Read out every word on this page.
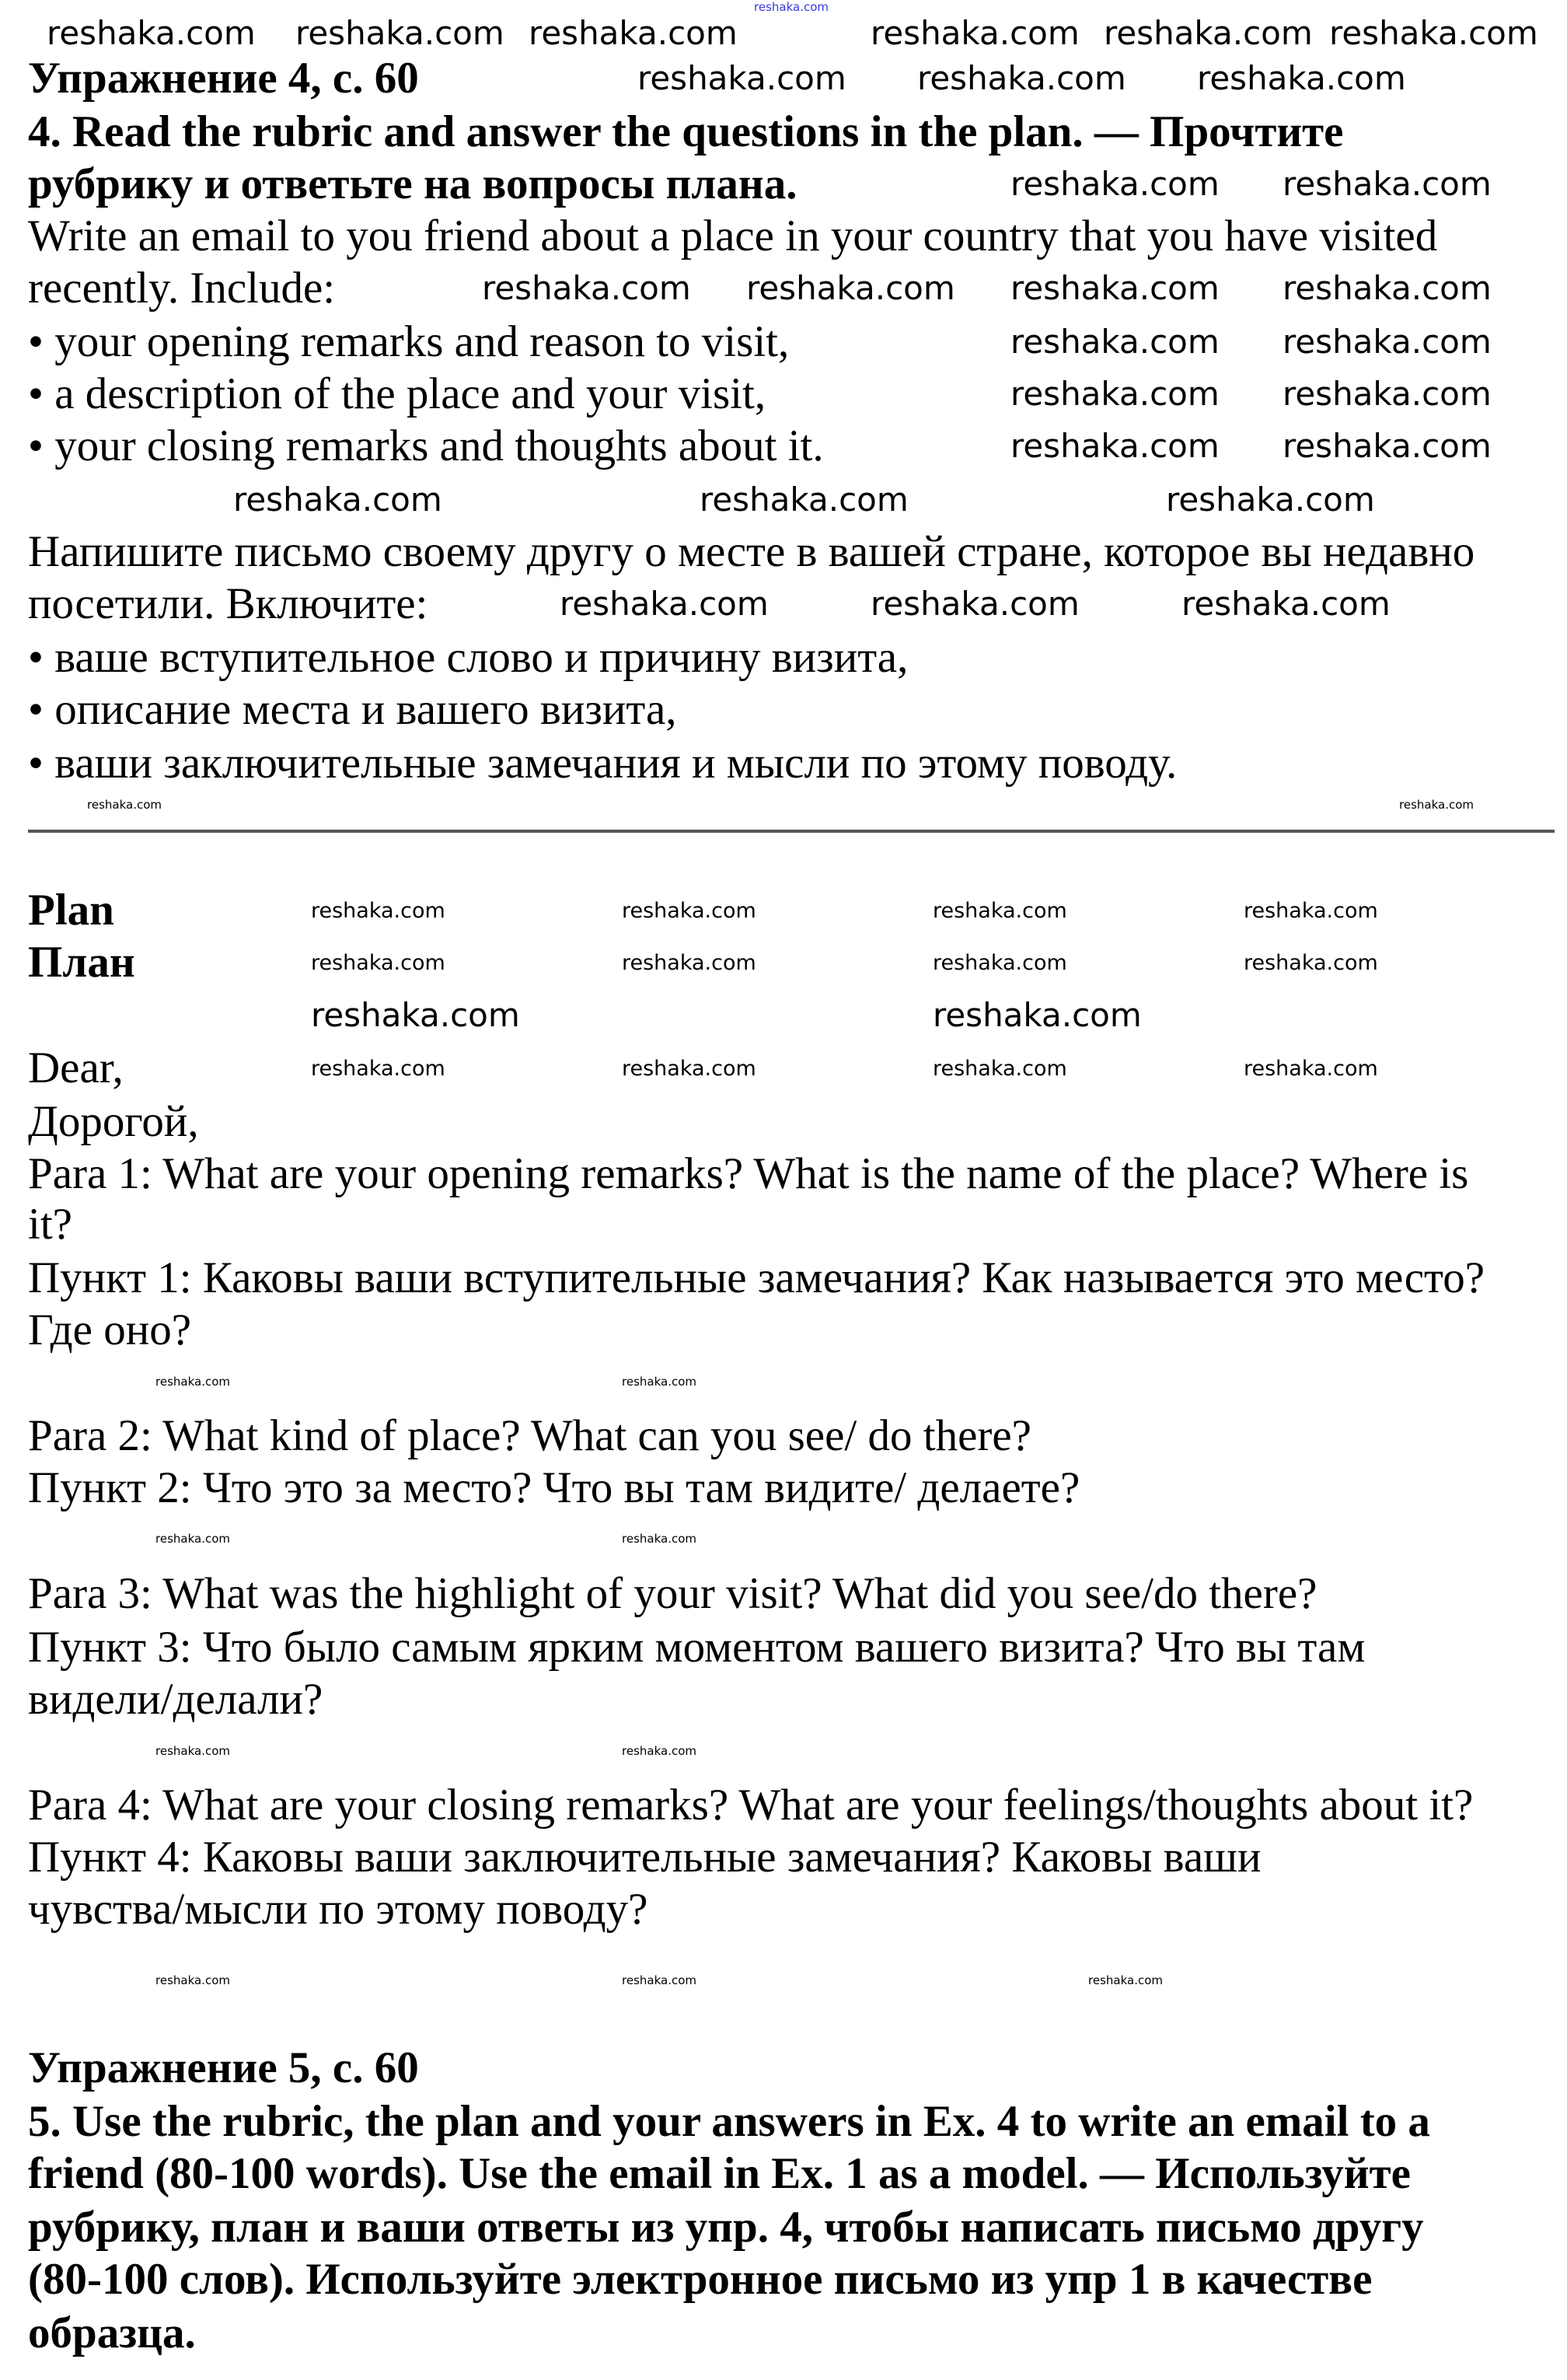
reshaka.com
Упражнение 4, с. 60
4. Read the rubric and answer the questions in the plan. — Прочтите
рубрику и ответьте на вопросы плана.
Write an email to you friend about a place in your country that you have visited
recently. Include:
• your opening remarks and reason to visit,
• a description of the place and your visit,
• your closing remarks and thoughts about it.
Напишите письмо своему другу о месте в вашей стране, которое вы недавно
посетили. Включите:
• ваше вступительное слово и причину визита,
• описание места и вашего визита,
• ваши заключительные замечания и мысли по этому поводу.
Plan
План
Dear,
Дорогой,
Para 1: What are your opening remarks? What is the name of the place? Where is
it?
Пункт 1: Каковы ваши вступительные замечания? Как называется это место?
Где оно?
Para 2: What kind of place? What can you see/ do there?
Пункт 2: Что это за место? Что вы там видите/ делаете?
Para 3: What was the highlight of your visit? What did you see/do there?
Пункт 3: Что было самым ярким моментом вашего визита? Что вы там
видели/делали?
Para 4: What are your closing remarks? What are your feelings/thoughts about it?
Пункт 4: Каковы ваши заключительные замечания? Каковы ваши
чувства/мысли по этому поводу?
Упражнение 5, с. 60
5. Use the rubric, the plan and your answers in Ex. 4 to write an email to a
friend (80-100 words). Use the email in Ex. 1 as a model. — Используйте
рубрику, план и ваши ответы из упр. 4, чтобы написать письмо другу
(80-100 слов). Используйте электронное письмо из упр 1 в качестве
образца.
reshaka.com reshaka.com reshaka.com	reshaka.com reshaka.com reshaka.com
reshaka.com reshaka.com reshaka.com
reshaka.com reshaka.com
reshaka.com reshaka.com reshaka.com reshaka.com
reshaka.com reshaka.com
reshaka.com reshaka.com
reshaka.com reshaka.com
reshaka.com	reshaka.com	reshaka.com
reshaka.com	reshaka.com	reshaka.com
reshaka.com	reshaka.com
reshaka.com	reshaka.com	reshaka.com	reshaka.com
reshaka.com	reshaka.com	reshaka.com	reshaka.com
reshaka.com	reshaka.com	reshaka.com	reshaka.com
reshaka.com	reshaka.com
reshaka.com	reshaka.com
reshaka.com	reshaka.com
reshaka.com	reshaka.com
reshaka.com	reshaka.com	reshaka.com
